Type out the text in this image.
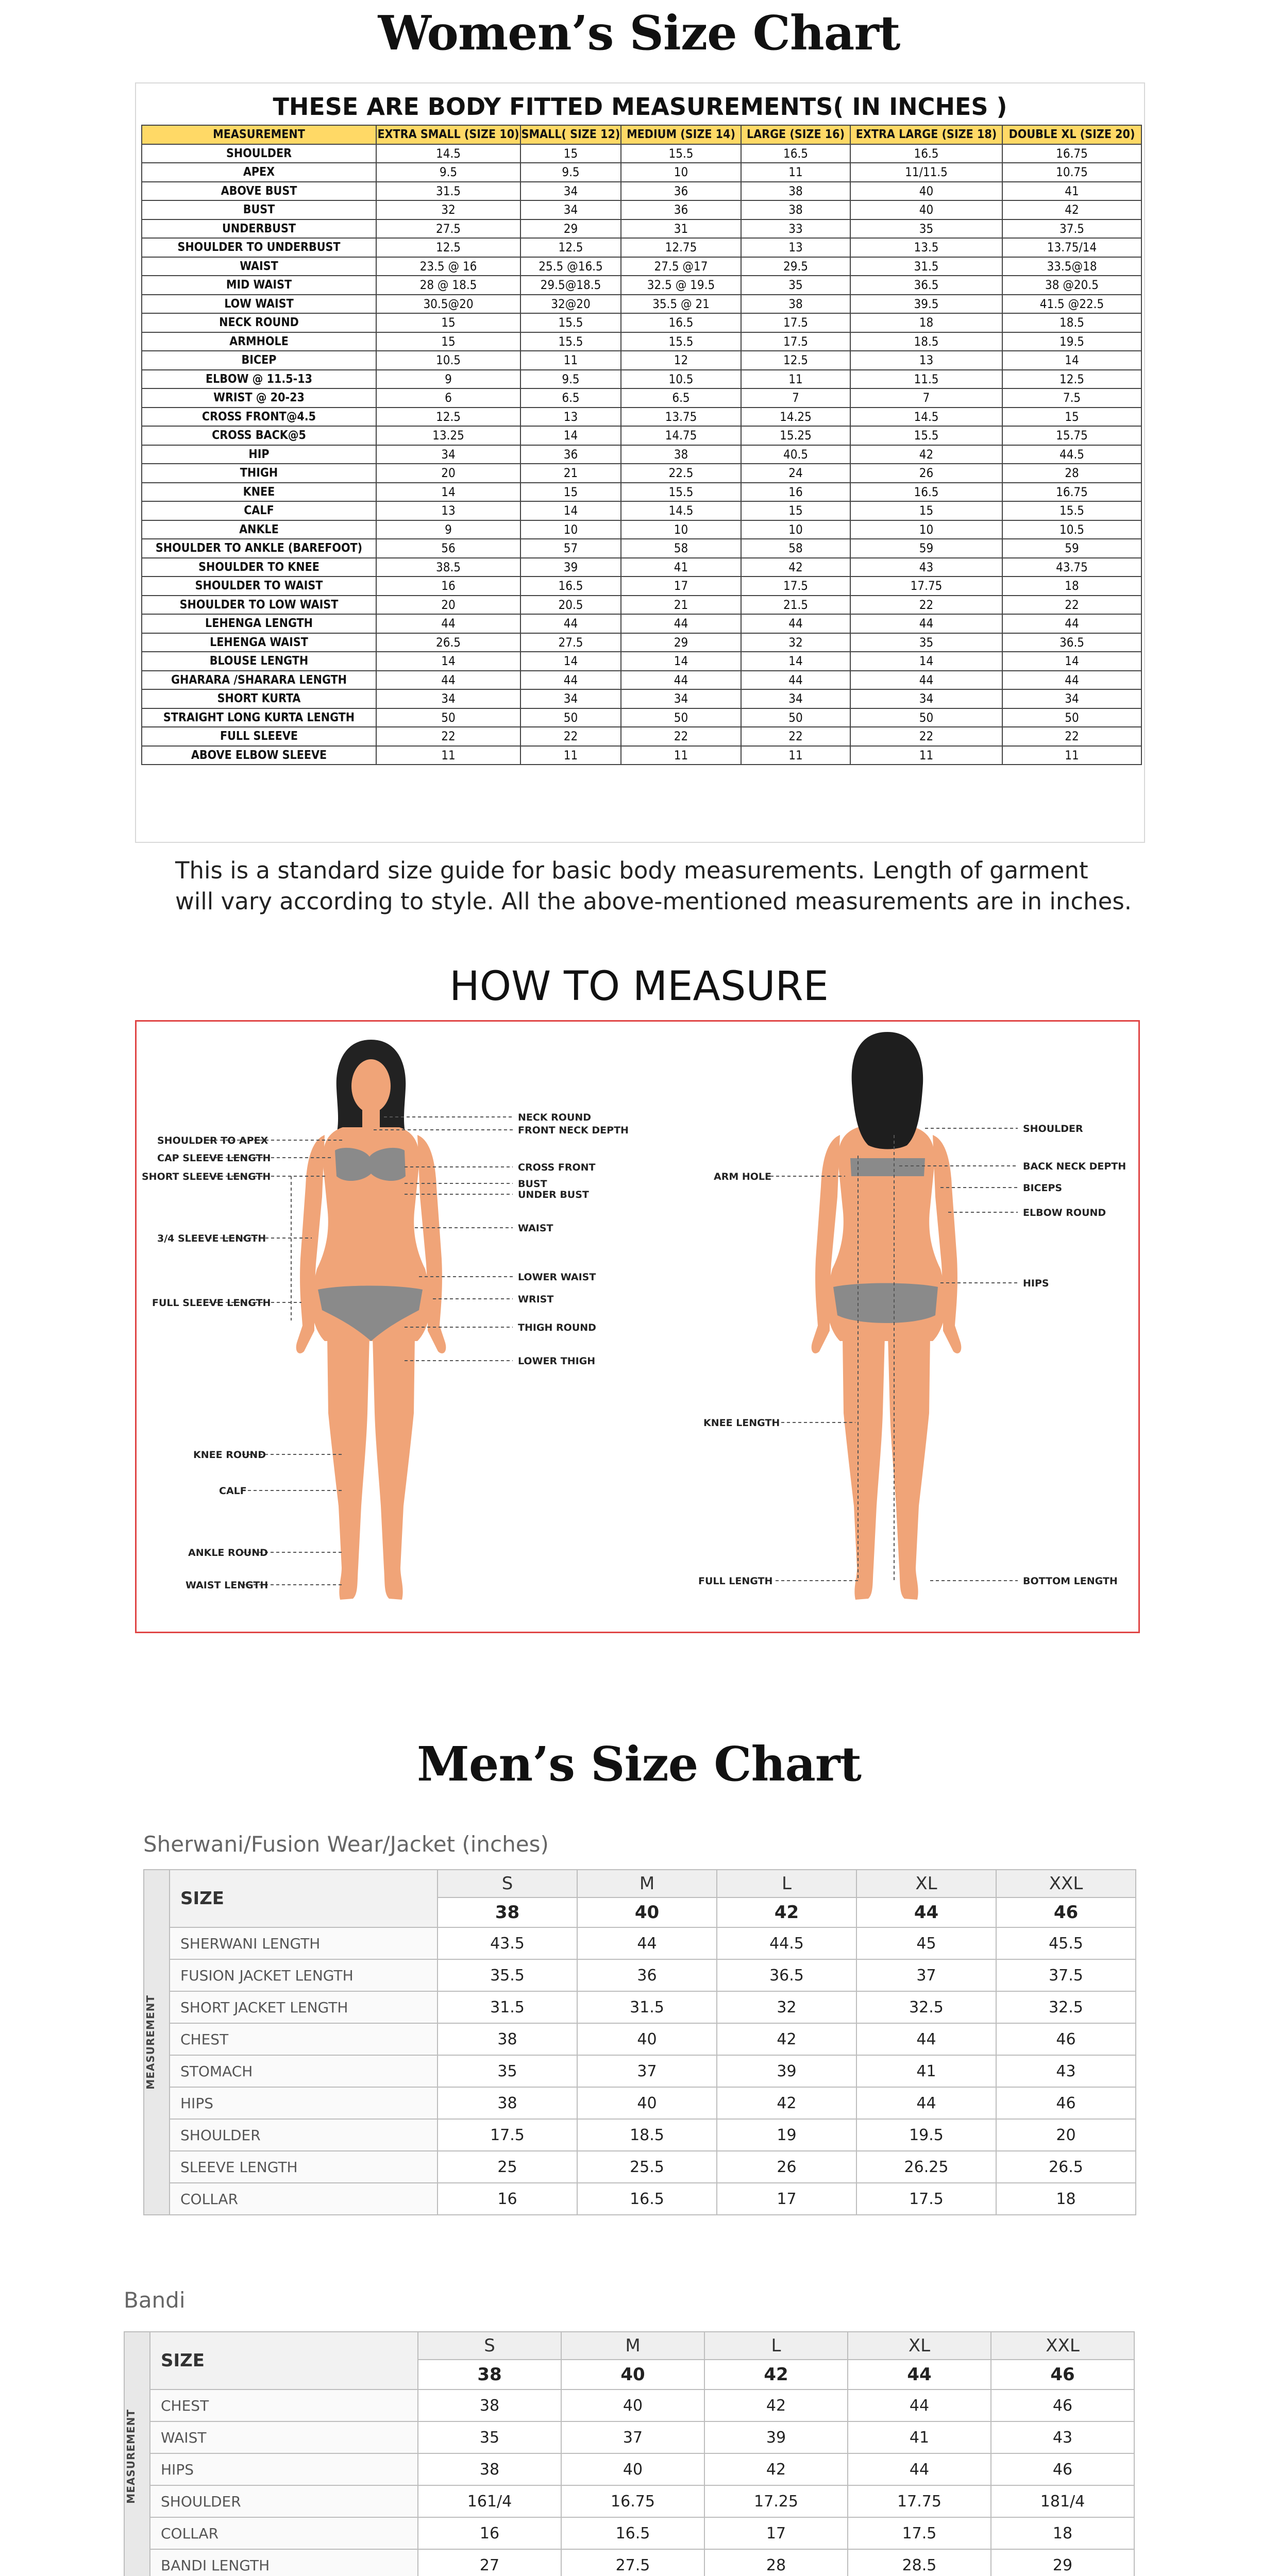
Women’s Size Chart
THESE ARE BODY FITTED MEASUREMENTS( IN INCHES )
MEASUREMENT	EXTRA SMALL (SIZE 10)	SMALL( SIZE 12)	MEDIUM (SIZE 14)	LARGE (SIZE 16)	EXTRA LARGE (SIZE 18)	DOUBLE XL (SIZE 20)
SHOULDER	14.5	15	15.5	16.5	16.5	16.75
APEX	9.5	9.5	10	11	11/11.5	10.75
ABOVE BUST	31.5	34	36	38	40	41
BUST	32	34	36	38	40	42
UNDERBUST	27.5	29	31	33	35	37.5
SHOULDER TO UNDERBUST	12.5	12.5	12.75	13	13.5	13.75/14
WAIST	23.5 @ 16	25.5 @16.5	27.5 @17	29.5	31.5	33.5@18
MID WAIST	28 @ 18.5	29.5@18.5	32.5 @ 19.5	35	36.5	38 @20.5
LOW WAIST	30.5@20	32@20	35.5 @ 21	38	39.5	41.5 @22.5
NECK ROUND	15	15.5	16.5	17.5	18	18.5
ARMHOLE	15	15.5	15.5	17.5	18.5	19.5
BICEP	10.5	11	12	12.5	13	14
ELBOW @ 11.5-13	9	9.5	10.5	11	11.5	12.5
WRIST @ 20-23	6	6.5	6.5	7	7	7.5
CROSS FRONT@4.5	12.5	13	13.75	14.25	14.5	15
CROSS BACK@5	13.25	14	14.75	15.25	15.5	15.75
HIP	34	36	38	40.5	42	44.5
THIGH	20	21	22.5	24	26	28
KNEE	14	15	15.5	16	16.5	16.75
CALF	13	14	14.5	15	15	15.5
ANKLE	9	10	10	10	10	10.5
SHOULDER TO ANKLE (BAREFOOT)	56	57	58	58	59	59
SHOULDER TO KNEE	38.5	39	41	42	43	43.75
SHOULDER TO WAIST	16	16.5	17	17.5	17.75	18
SHOULDER TO LOW WAIST	20	20.5	21	21.5	22	22
LEHENGA LENGTH	44	44	44	44	44	44
LEHENGA WAIST	26.5	27.5	29	32	35	36.5
BLOUSE LENGTH	14	14	14	14	14	14
GHARARA /SHARARA LENGTH	44	44	44	44	44	44
SHORT KURTA	34	34	34	34	34	34
STRAIGHT LONG KURTA LENGTH	50	50	50	50	50	50
FULL SLEEVE	22	22	22	22	22	22
ABOVE ELBOW SLEEVE	11	11	11	11	11	11
This is a standard size guide for basic body measurements. Length of garment will vary according to style. All the above-mentioned measurements are in inches.
HOW TO MEASURE
SHOULDER TO APEX
CAP SLEEVE LENGTH
SHORT SLEEVE LENGTH
3/4 SLEEVE LENGTH
FULL SLEEVE LENGTH
KNEE ROUND
CALF
ANKLE ROUND
WAIST LENGTH
NECK ROUND
FRONT NECK DEPTH
CROSS FRONT
BUST
UNDER BUST
WAIST
LOWER WAIST
WRIST
THIGH ROUND
LOWER THIGH
ARM HOLE
KNEE LENGTH
FULL LENGTH
SHOULDER
BACK NECK DEPTH
BICEPS
ELBOW ROUND
HIPS
BOTTOM LENGTH
Men’s Size Chart
Sherwani/Fusion Wear/Jacket (inches)
MEASUREMENT	SIZE	S	M	L	XL	XXL
		38	40	42	44	46
	SHERWANI LENGTH	43.5	44	44.5	45	45.5
	FUSION JACKET LENGTH	35.5	36	36.5	37	37.5
	SHORT JACKET LENGTH	31.5	31.5	32	32.5	32.5
	CHEST	38	40	42	44	46
	STOMACH	35	37	39	41	43
	HIPS	38	40	42	44	46
	SHOULDER	17.5	18.5	19	19.5	20
	SLEEVE LENGTH	25	25.5	26	26.25	26.5
	COLLAR	16	16.5	17	17.5	18
Bandi
MEASUREMENT	SIZE	S	M	L	XL	XXL
		38	40	42	44	46
	CHEST	38	40	42	44	46
	WAIST	35	37	39	41	43
	HIPS	38	40	42	44	46
	SHOULDER	161/4	16.75	17.25	17.75	181/4
	COLLAR	16	16.5	17	17.5	18
	BANDI LENGTH	27	27.5	28	28.5	29
